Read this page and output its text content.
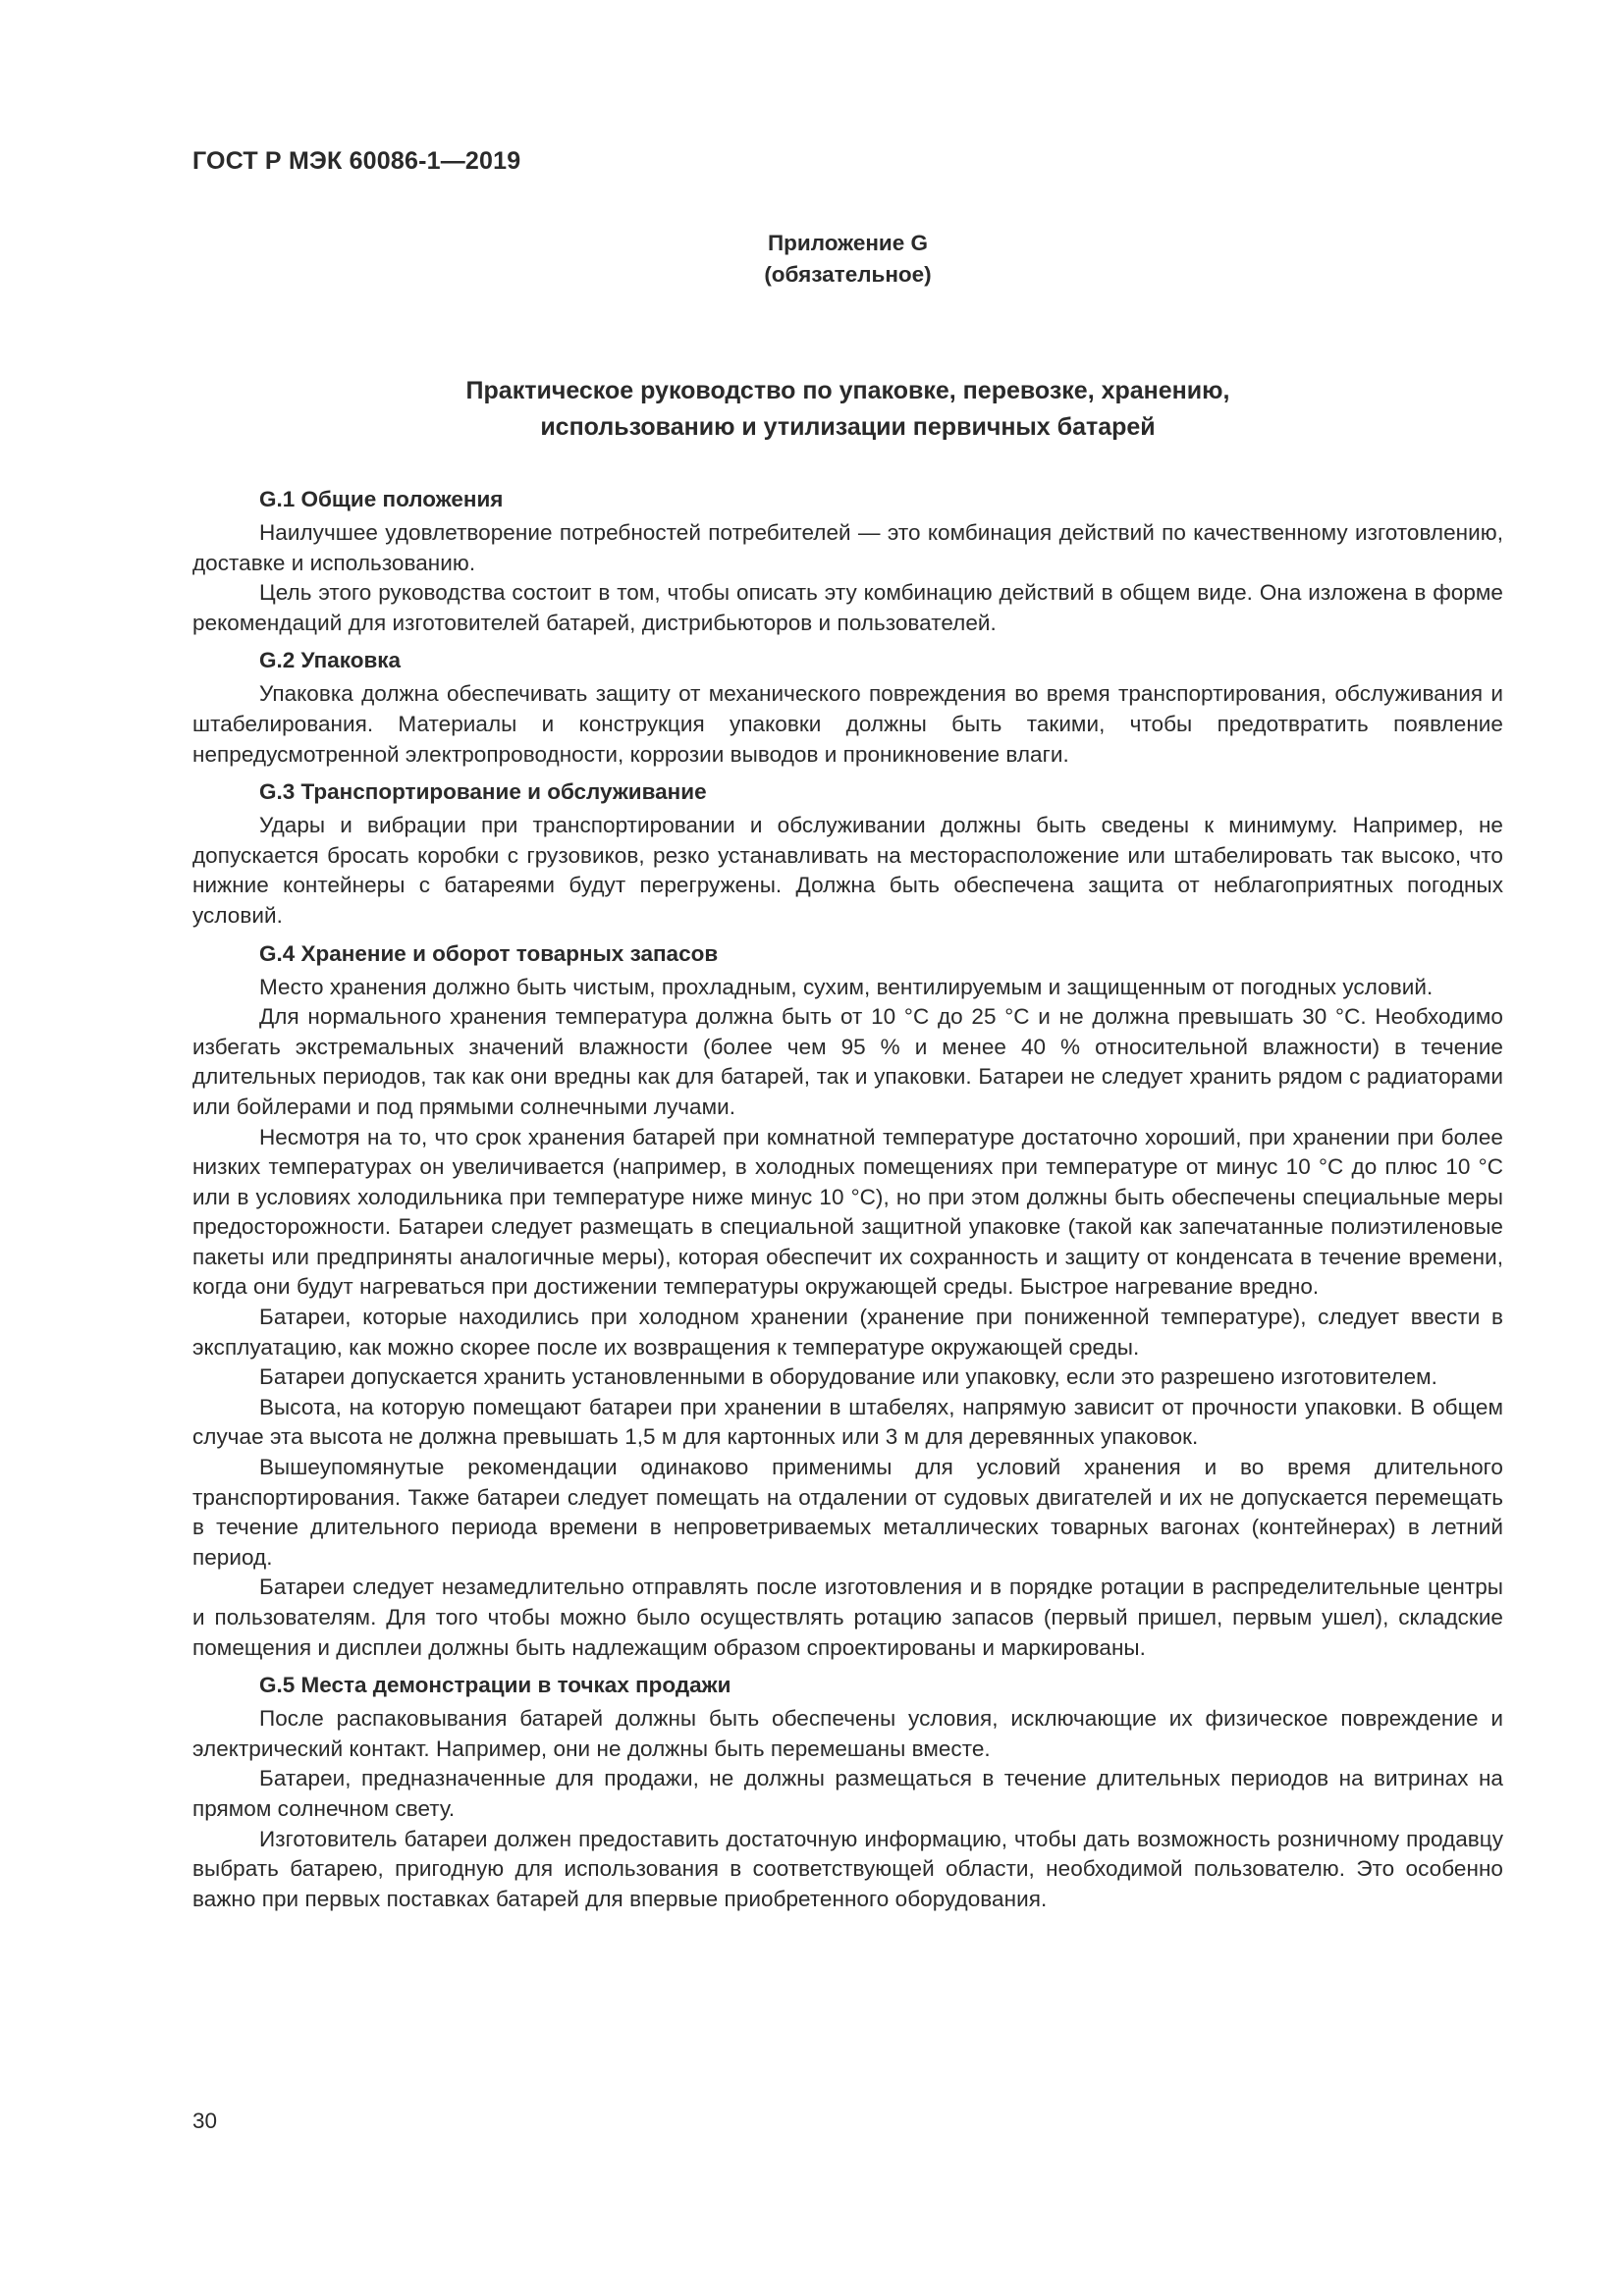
ГОСТ Р МЭК 60086-1—2019
Приложение G
(обязательное)
Практическое руководство по упаковке, перевозке, хранению,
использованию и утилизации первичных батарей
G.1 Общие положения

Наилучшее удовлетворение потребностей потребителей — это комбинация действий по качественному изготовлению, доставке и использованию.

Цель этого руководства состоит в том, чтобы описать эту комбинацию действий в общем виде. Она изложена в форме рекомендаций для изготовителей батарей, дистрибьюторов и пользователей.

G.2 Упаковка

Упаковка должна обеспечивать защиту от механического повреждения во время транспортирования, обслуживания и штабелирования. Материалы и конструкция упаковки должны быть такими, чтобы предотвратить появление непредусмотренной электропроводности, коррозии выводов и проникновение влаги.

G.3 Транспортирование и обслуживание

Удары и вибрации при транспортировании и обслуживании должны быть сведены к минимуму. Например, не допускается бросать коробки с грузовиков, резко устанавливать на месторасположение или штабелировать так высоко, что нижние контейнеры с батареями будут перегружены. Должна быть обеспечена защита от неблагоприятных погодных условий.

G.4 Хранение и оборот товарных запасов

Место хранения должно быть чистым, прохладным, сухим, вентилируемым и защищенным от погодных условий.

Для нормального хранения температура должна быть от 10 °C до 25 °C и не должна превышать 30 °C. Необходимо избегать экстремальных значений влажности (более чем 95 % и менее 40 % относительной влажности) в течение длительных периодов, так как они вредны как для батарей, так и упаковки. Батареи не следует хранить рядом с радиаторами или бойлерами и под прямыми солнечными лучами.

Несмотря на то, что срок хранения батарей при комнатной температуре достаточно хороший, при хранении при более низких температурах он увеличивается (например, в холодных помещениях при температуре от минус 10 °C до плюс 10 °C или в условиях холодильника при температуре ниже минус 10 °C), но при этом должны быть обеспечены специальные меры предосторожности. Батареи следует размещать в специальной защитной упаковке (такой как запечатанные полиэтиленовые пакеты или предприняты аналогичные меры), которая обеспечит их сохранность и защиту от конденсата в течение времени, когда они будут нагреваться при достижении температуры окружающей среды. Быстрое нагревание вредно.

Батареи, которые находились при холодном хранении (хранение при пониженной температуре), следует ввести в эксплуатацию, как можно скорее после их возвращения к температуре окружающей среды.

Батареи допускается хранить установленными в оборудование или упаковку, если это разрешено изготовителем.

Высота, на которую помещают батареи при хранении в штабелях, напрямую зависит от прочности упаковки. В общем случае эта высота не должна превышать 1,5 м для картонных или 3 м для деревянных упаковок.

Вышеупомянутые рекомендации одинаково применимы для условий хранения и во время длительного транспортирования. Также батареи следует помещать на отдалении от судовых двигателей и их не допускается перемещать в течение длительного периода времени в непроветриваемых металлических товарных вагонах (контейнерах) в летний период.

Батареи следует незамедлительно отправлять после изготовления и в порядке ротации в распределительные центры и пользователям. Для того чтобы можно было осуществлять ротацию запасов (первый пришел, первым ушел), складские помещения и дисплеи должны быть надлежащим образом спроектированы и маркированы.

G.5 Места демонстрации в точках продажи

После распаковывания батарей должны быть обеспечены условия, исключающие их физическое повреждение и электрический контакт. Например, они не должны быть перемешаны вместе.

Батареи, предназначенные для продажи, не должны размещаться в течение длительных периодов на витринах на прямом солнечном свету.

Изготовитель батареи должен предоставить достаточную информацию, чтобы дать возможность розничному продавцу выбрать батарею, пригодную для использования в соответствующей области, необходимой пользователю. Это особенно важно при первых поставках батарей для впервые приобретенного оборудования.

30
